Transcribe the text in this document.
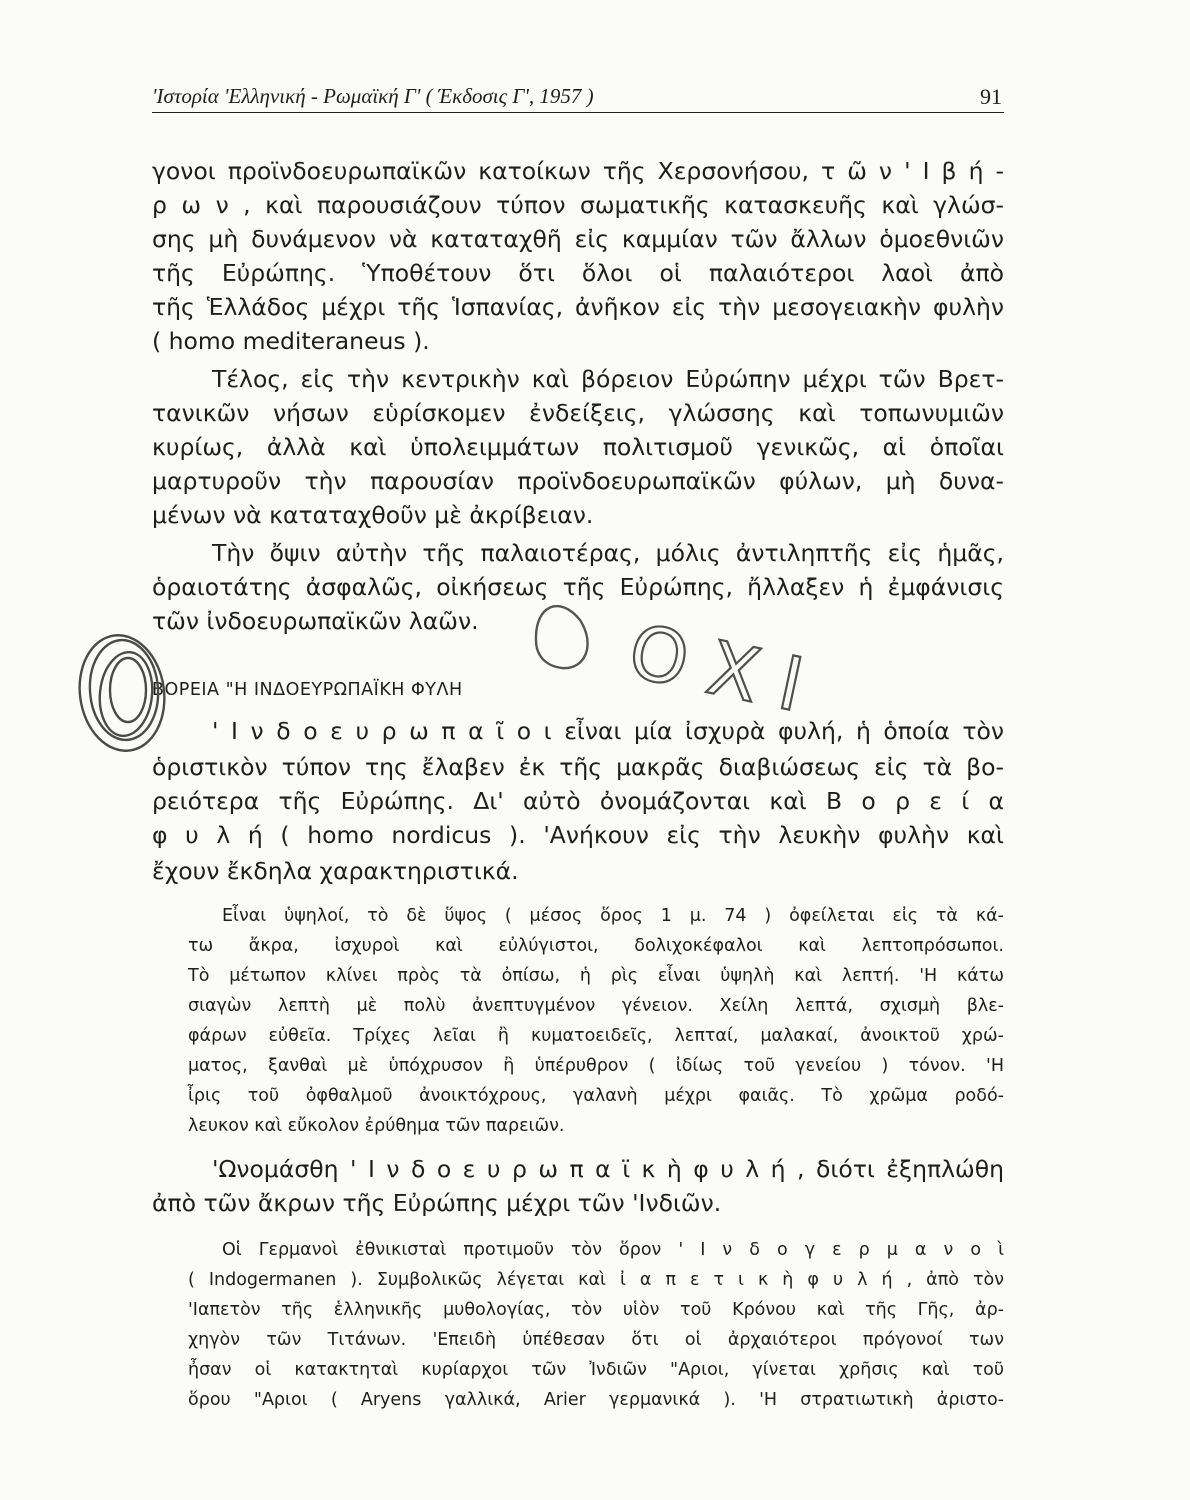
'Ιστορία 'Ελληνική - Ρωμαϊκή Γ' ( Έκδοσις Γ', 1957 )	91
γονοι προϊνδοευρωπαϊκῶν κατοίκων τῆς Χερσονήσου, τ ῶ ν ' Ι β ή -
ρ ω ν , καὶ παρουσιάζουν τύπον σωματικῆς κατασκευῆς καὶ γλώσ-
σης μὴ δυνάμενον νὰ καταταχθῆ εἰς καμμίαν τῶν ἄλλων ὁμοεθνιῶν
τῆς Εὐρώπης. Ὑποθέτουν ὅτι ὅλοι οἱ παλαιότεροι λαοὶ ἀπὸ
τῆς Ἑλλάδος μέχρι τῆς Ἱσπανίας, ἀνῆκον εἰς τὴν μεσογειακὴν φυλὴν
( homo mediteraneus ).
Τέλος, εἰς τὴν κεντρικὴν καὶ βόρειον Εὐρώπην μέχρι τῶν Βρετ-
τανικῶν νήσων εὑρίσκομεν ἐνδείξεις, γλώσσης καὶ τοπωνυμιῶν
κυρίως, ἀλλὰ καὶ ὑπολειμμάτων πολιτισμοῦ γενικῶς, αἱ ὁποῖαι
μαρτυροῦν τὴν παρουσίαν προϊνδοευρωπαϊκῶν φύλων, μὴ δυνα-
μένων νὰ καταταχθοῦν μὲ ἀκρίβειαν.
Τὴν ὄψιν αὐτὴν τῆς παλαιοτέρας, μόλις ἀντιληπτῆς εἰς ἡμᾶς,
ὁραιοτάτης ἀσφαλῶς, οἰκήσεως τῆς Εὐρώπης, ἤλλαξεν ἡ ἐμφάνισις
τῶν ἰνδοευρωπαϊκῶν λαῶν.
ΒΟΡΕΙΑ "Η ΙΝΔΟΕΥΡΩΠΑΪΚΗ ΦΥΛΗ
' Ι ν δ ο ε υ ρ ω π α ῖ ο ι εἶναι μία ἰσχυρὰ φυλή, ἡ ὁποία τὸν
ὁριστικὸν τύπον της ἔλαβεν ἐκ τῆς μακρᾶς διαβιώσεως εἰς τὰ βο-
ρειότερα τῆς Εὐρώπης. Δι' αὐτὸ ὀνομάζονται καὶ Β ο ρ ε ί α
φ υ λ ή ( homo nordicus ). 'Ανήκουν εἰς τὴν λευκὴν φυλὴν καὶ
ἔχουν ἔκδηλα χαρακτηριστικά.
Εἶναι ὑψηλοί, τὸ δὲ ὕψος ( μέσος ὅρος 1 μ. 74 ) ὀφείλεται εἰς τὰ κά-
τω ἄκρα, ἰσχυροὶ καὶ εὐλύγιστοι, δολιχοκέφαλοι καὶ λεπτοπρόσωποι.
Τὸ μέτωπον κλίνει πρὸς τὰ ὀπίσω, ἡ ρὶς εἶναι ὑψηλὴ καὶ λεπτή. 'Η κάτω
σιαγὼν λεπτὴ μὲ πολὺ ἀνεπτυγμένον γένειον. Χείλη λεπτά, σχισμὴ βλε-
φάρων εὐθεῖα. Τρίχες λεῖαι ἢ κυματοειδεῖς, λεπταί, μαλακαί, ἀνοικτοῦ χρώ-
ματος, ξανθαὶ μὲ ὑπόχρυσον ἢ ὑπέρυθρον ( ἰδίως τοῦ γενείου ) τόνον. 'Η
ἶρις τοῦ ὀφθαλμοῦ ἀνοικτόχρους, γαλανὴ μέχρι φαιᾶς. Τὸ χρῶμα ροδό-
λευκον καὶ εὔκολον ἐρύθημα τῶν παρειῶν.
'Ωνομάσθη ' Ι ν δ ο ε υ ρ ω π α ϊ κ ὴ φ υ λ ή , διότι ἐξηπλώθη
ἀπὸ τῶν ἄκρων τῆς Εὐρώπης μέχρι τῶν 'Ινδιῶν.
Οἱ Γερμανοὶ ἐθνικισταὶ προτιμοῦν τὸν ὅρον ' Ι ν δ ο γ ε ρ μ α ν ο ὶ
( Indogermanen ). Συμβολικῶς λέγεται καὶ ἰ α π ε τ ι κ ὴ φ υ λ ή , ἀπὸ τὸν
'Ιαπετὸν τῆς ἑλληνικῆς μυθολογίας, τὸν υἱὸν τοῦ Κρόνου καὶ τῆς Γῆς, ἀρ-
χηγὸν τῶν Τιτάνων. 'Επειδὴ ὑπέθεσαν ὅτι οἱ ἀρχαιότεροι πρόγονοί των
ἦσαν οἱ κατακτηταὶ κυρίαρχοι τῶν Ἰνδιῶν "Αριοι, γίνεται χρῆσις καὶ τοῦ
ὅρου "Αριοι ( Aryens γαλλικά, Arier γερμανικά ). 'Η στρατιωτικὴ ἀριστο-
ΟΧΙ
